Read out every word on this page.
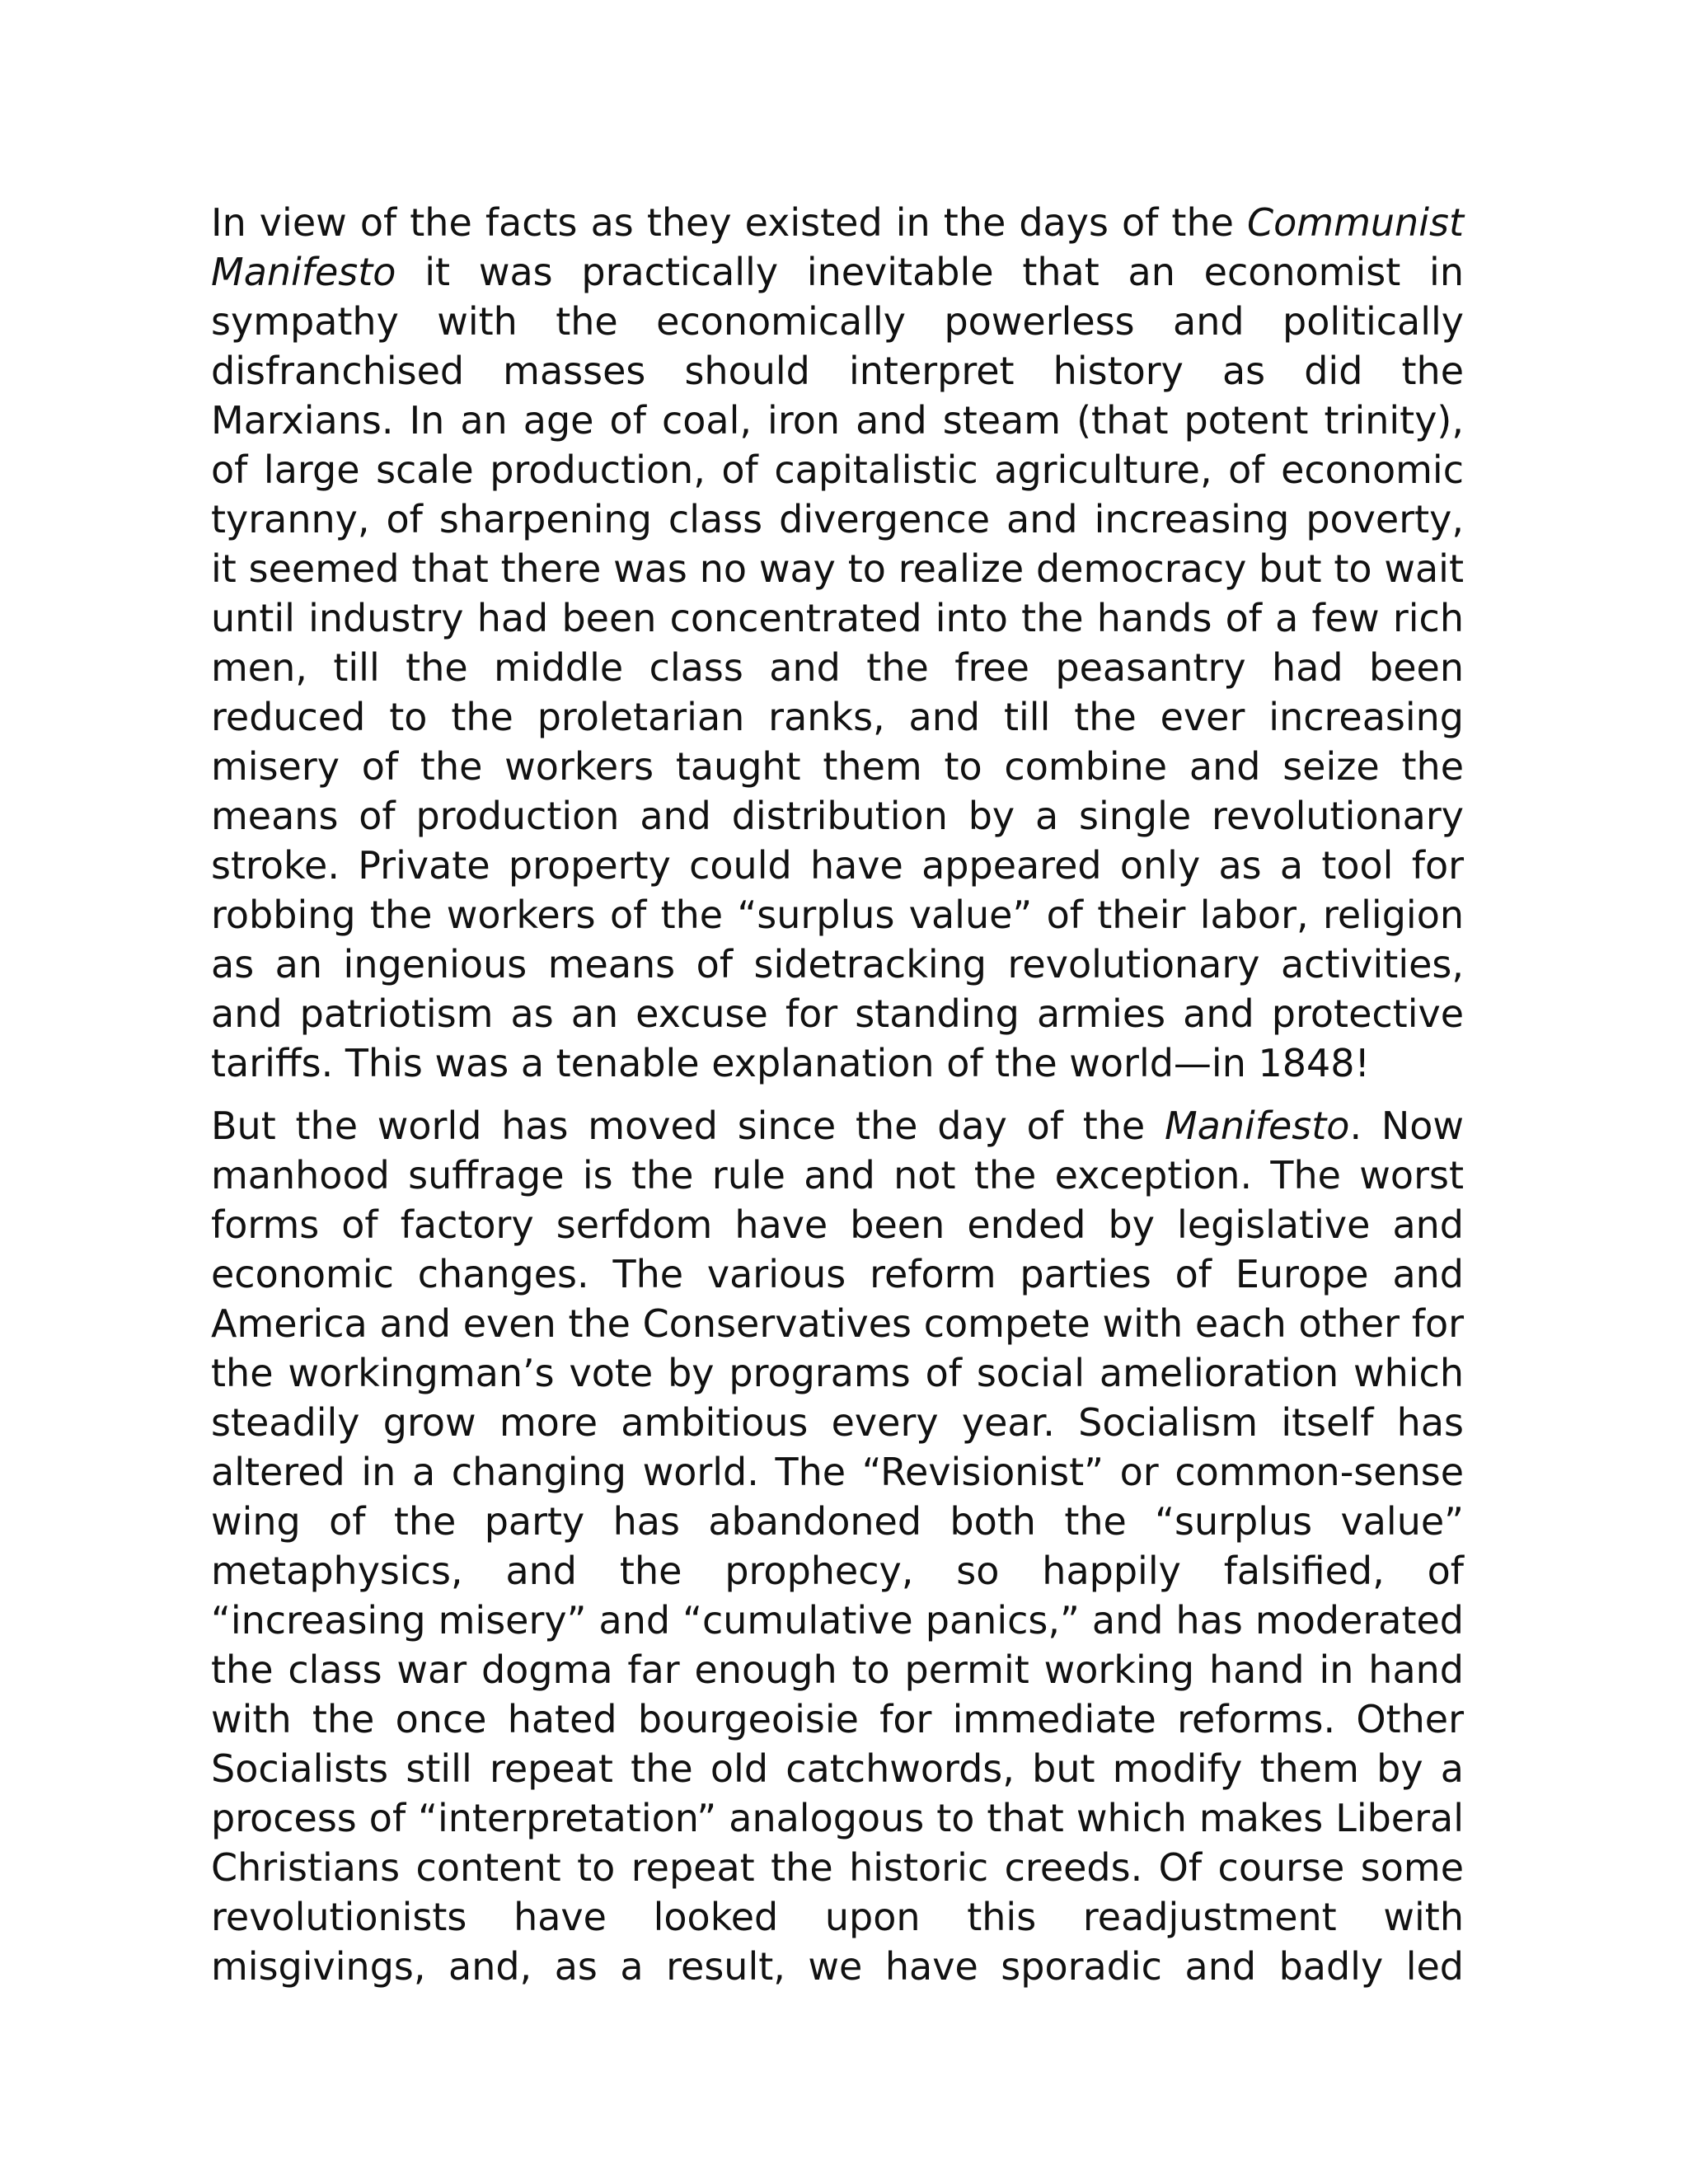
In view of the facts as they existed in the days of the Communist Manifesto it was practically inevitable that an economist in sympathy with the economically powerless and politically disfranchised masses should interpret history as did the Marxians. In an age of coal, iron and steam (that potent trinity), of large scale production, of capitalistic agriculture, of economic tyranny, of sharpening class divergence and increasing poverty, it seemed that there was no way to realize democracy but to wait until industry had been concentrated into the hands of a few rich men, till the middle class and the free peasantry had been reduced to the proletarian ranks, and till the ever increasing misery of the workers taught them to combine and seize the means of production and distribution by a single revolutionary stroke. Private property could have appeared only as a tool for robbing the workers of the “surplus value” of their labor, religion as an ingenious means of sidetracking revolutionary activities, and patriotism as an excuse for standing armies and protective tariffs. This was a tenable explanation of the world—in 1848!

But the world has moved since the day of the Manifesto. Now manhood suffrage is the rule and not the exception. The worst forms of factory serfdom have been ended by legislative and economic changes. The various reform parties of Europe and America and even the Conservatives compete with each other for the workingman’s vote by programs of social amelioration which steadily grow more ambitious every year. Socialism itself has altered in a changing world. The “Revisionist” or common-sense wing of the party has abandoned both the “surplus value” metaphysics, and the prophecy, so happily falsified, of “increasing misery” and “cumulative panics,” and has moderated the class war dogma far enough to permit working hand in hand with the once hated bourgeoisie for immediate reforms. Other Socialists still repeat the old catchwords, but modify them by a process of “interpretation” analogous to that which makes Liberal Christians content to repeat the historic creeds. Of course some revolutionists have looked upon this readjustment with misgivings, and, as a result, we have sporadic and badly led
